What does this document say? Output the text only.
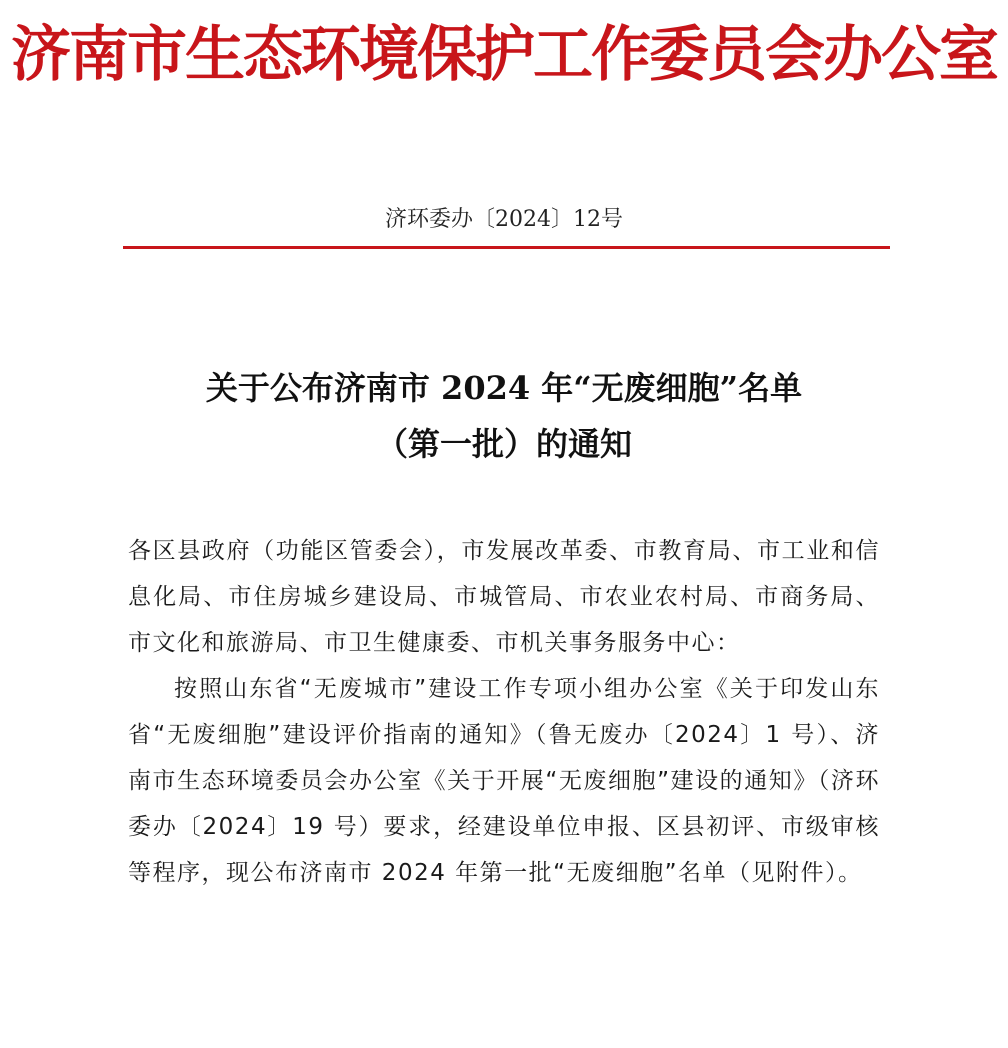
济南市生态环境保护工作委员会办公室
济环委办〔2024〕12号
关于公布济南市 2024 年“无废细胞”名单
（第一批）的通知

各区县政府（功能区管委会），市发展改革委、市教育局、市工业和信息化局、市住房城乡建设局、市城管局、市农业农村局、市商务局、市文化和旅游局、市卫生健康委、市机关事务服务中心：

按照山东省“无废城市”建设工作专项小组办公室《关于印发山东省“无废细胞”建设评价指南的通知》（鲁无废办〔2024〕1 号）、济南市生态环境委员会办公室《关于开展“无废细胞”建设的通知》（济环委办〔2024〕19 号）要求，经建设单位申报、区县初评、市级审核等程序，现公布济南市 2024 年第一批“无废细胞”名单（见附件）。
